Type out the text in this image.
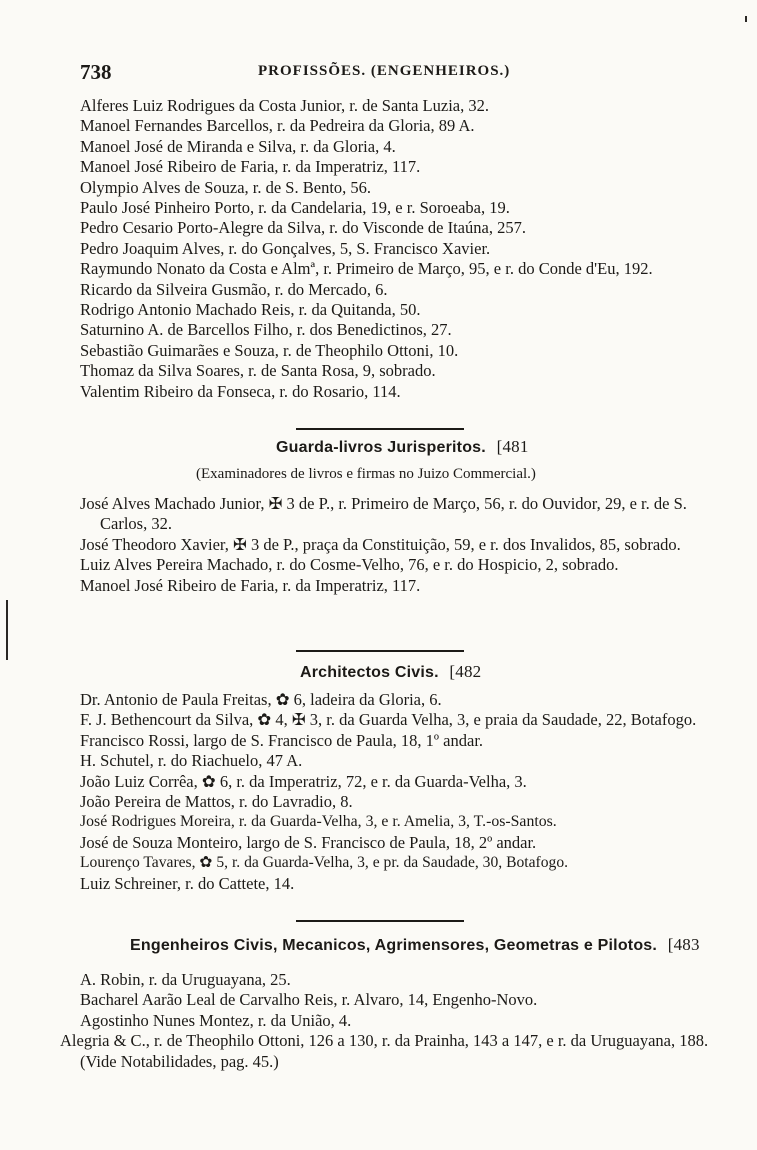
738	PROFISSÕES. (ENGENHEIROS.)
Alferes Luiz Rodrigues da Costa Junior, r. de Santa Luzia, 32.
Manoel Fernandes Barcellos, r. da Pedreira da Gloria, 89 A.
Manoel José de Miranda e Silva, r. da Gloria, 4.
Manoel José Ribeiro de Faria, r. da Imperatriz, 117.
Olympio Alves de Souza, r. de S. Bento, 56.
Paulo José Pinheiro Porto, r. da Candelaria, 19, e r. Soroeaba, 19.
Pedro Cesario Porto-Alegre da Silva, r. do Visconde de Itaúna, 257.
Pedro Joaquim Alves, r. do Gonçalves, 5, S. Francisco Xavier.
Raymundo Nonato da Costa e Almª, r. Primeiro de Março, 95, e r. do Conde d'Eu, 192.
Ricardo da Silveira Gusmão, r. do Mercado, 6.
Rodrigo Antonio Machado Reis, r. da Quitanda, 50.
Saturnino A. de Barcellos Filho, r. dos Benedictinos, 27.
Sebastião Guimarães e Souza, r. de Theophilo Ottoni, 10.
Thomaz da Silva Soares, r. de Santa Rosa, 9, sobrado.
Valentim Ribeiro da Fonseca, r. do Rosario, 114.
Guarda-livros Jurisperitos. [481
(Examinadores de livros e firmas no Juizo Commercial.)
José Alves Machado Junior, ✠ 3 de P., r. Primeiro de Março, 56, r. do Ouvidor, 29, e r. de S. Carlos, 32.
José Theodoro Xavier, ✠ 3 de P., praça da Constituição, 59, e r. dos Invalidos, 85, sobrado.
Luiz Alves Pereira Machado, r. do Cosme-Velho, 76, e r. do Hospicio, 2, sobrado.
Manoel José Ribeiro de Faria, r. da Imperatriz, 117.
Architectos Civis. [482
Dr. Antonio de Paula Freitas, ✿ 6, ladeira da Gloria, 6.
F. J. Bethencourt da Silva, ✿ 4, ✠ 3, r. da Guarda Velha, 3, e praia da Saudade, 22, Botafogo.
Francisco Rossi, largo de S. Francisco de Paula, 18, 1º andar.
H. Schutel, r. do Riachuelo, 47 A.
João Luiz Corrêa, ✿ 6, r. da Imperatriz, 72, e r. da Guarda-Velha, 3.
João Pereira de Mattos, r. do Lavradio, 8.
José Rodrigues Moreira, r. da Guarda-Velha, 3, e r. Amelia, 3, T.-os-Santos.
José de Souza Monteiro, largo de S. Francisco de Paula, 18, 2º andar.
Lourenço Tavares, ✿ 5, r. da Guarda-Velha, 3, e pr. da Saudade, 30, Botafogo.
Luiz Schreiner, r. do Cattete, 14.
Engenheiros Civis, Mecanicos, Agrimensores, Geometras e Pilotos. [483
A. Robin, r. da Uruguayana, 25.
Bacharel Aarão Leal de Carvalho Reis, r. Alvaro, 14, Engenho-Novo.
Agostinho Nunes Montez, r. da União, 4.
Alegria & C., r. de Theophilo Ottoni, 126 a 130, r. da Prainha, 143 a 147, e r. da Uruguayana, 188. (Vide Notabilidades, pag. 45.)
